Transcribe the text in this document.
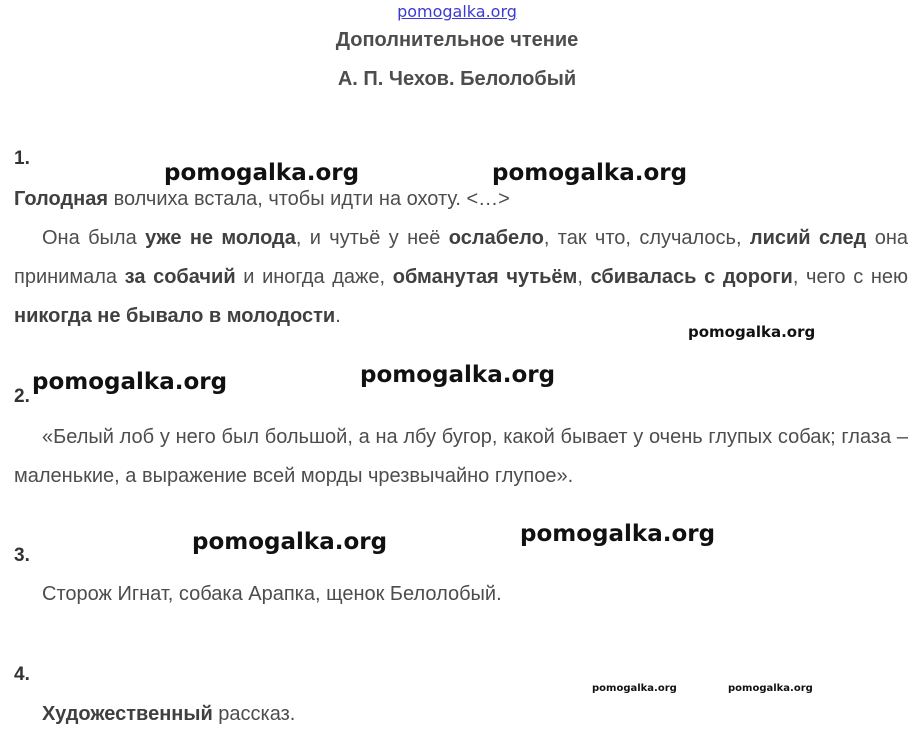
pomogalka.org
Дополнительное чтение
А. П. Чехов. Белолобый
1.
Голодная волчиха встала, чтобы идти на охоту. <…>
Она была уже не молода, и чутьё у неё ослабело, так что, случалось, лисий след она принимала за собачий и иногда даже, обманутая чутьём, сбивалась с дороги, чего с нею никогда не бывало в молодости.
2.
«Белый лоб у него был большой, а на лбу бугор, какой бывает у очень глупых собак; глаза – маленькие, а выражение всей морды чрезвычайно глупое».
3.
Сторож Игнат, собака Арапка, щенок Белолобый.
4.
Художественный рассказ.
pomogalka.org	pomogalka.org
pomogalka.org
pomogalka.org	pomogalka.org
pomogalka.org	pomogalka.org
pomogalka.org	pomogalka.org
